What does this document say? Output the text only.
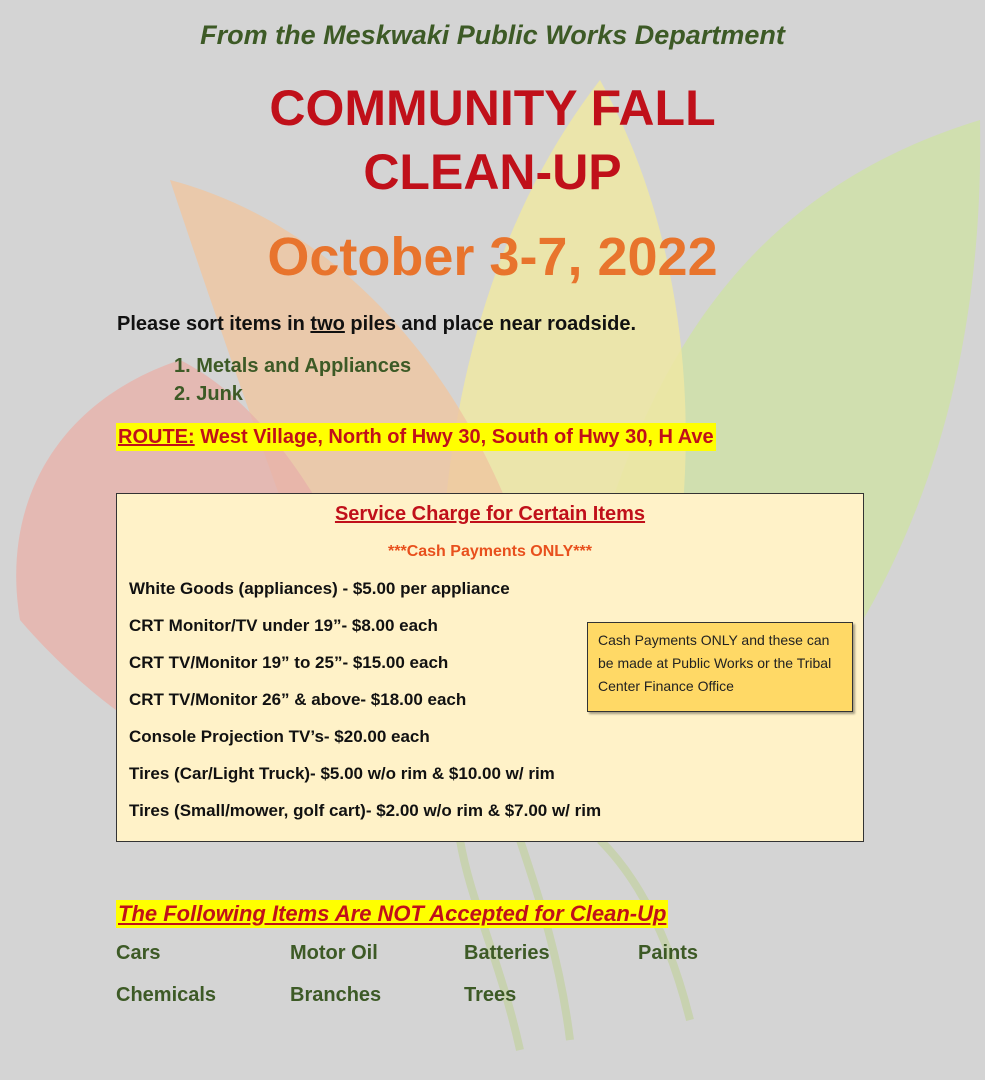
From the Meskwaki Public Works Department
COMMUNITY FALL
CLEAN-UP
October 3-7, 2022
Please sort items in two piles and place near roadside.
1. Metals and Appliances
2. Junk
ROUTE: West Village, North of Hwy 30, South of Hwy 30, H Ave
Service Charge for Certain Items
***Cash Payments ONLY***
White Goods (appliances) - $5.00 per appliance
CRT Monitor/TV under 19”- $8.00 each
CRT TV/Monitor 19” to 25”- $15.00 each
CRT TV/Monitor 26” & above- $18.00 each
Console Projection TV’s- $20.00 each
Tires (Car/Light Truck)- $5.00 w/o rim & $10.00 w/ rim
Tires (Small/mower, golf cart)- $2.00 w/o rim & $7.00 w/ rim
Cash Payments ONLY and these can be made at Public Works or the Tribal Center Finance Office
The Following Items Are NOT Accepted for Clean-Up
Cars	Motor Oil	Batteries	Paints
Chemicals	Branches	Trees
